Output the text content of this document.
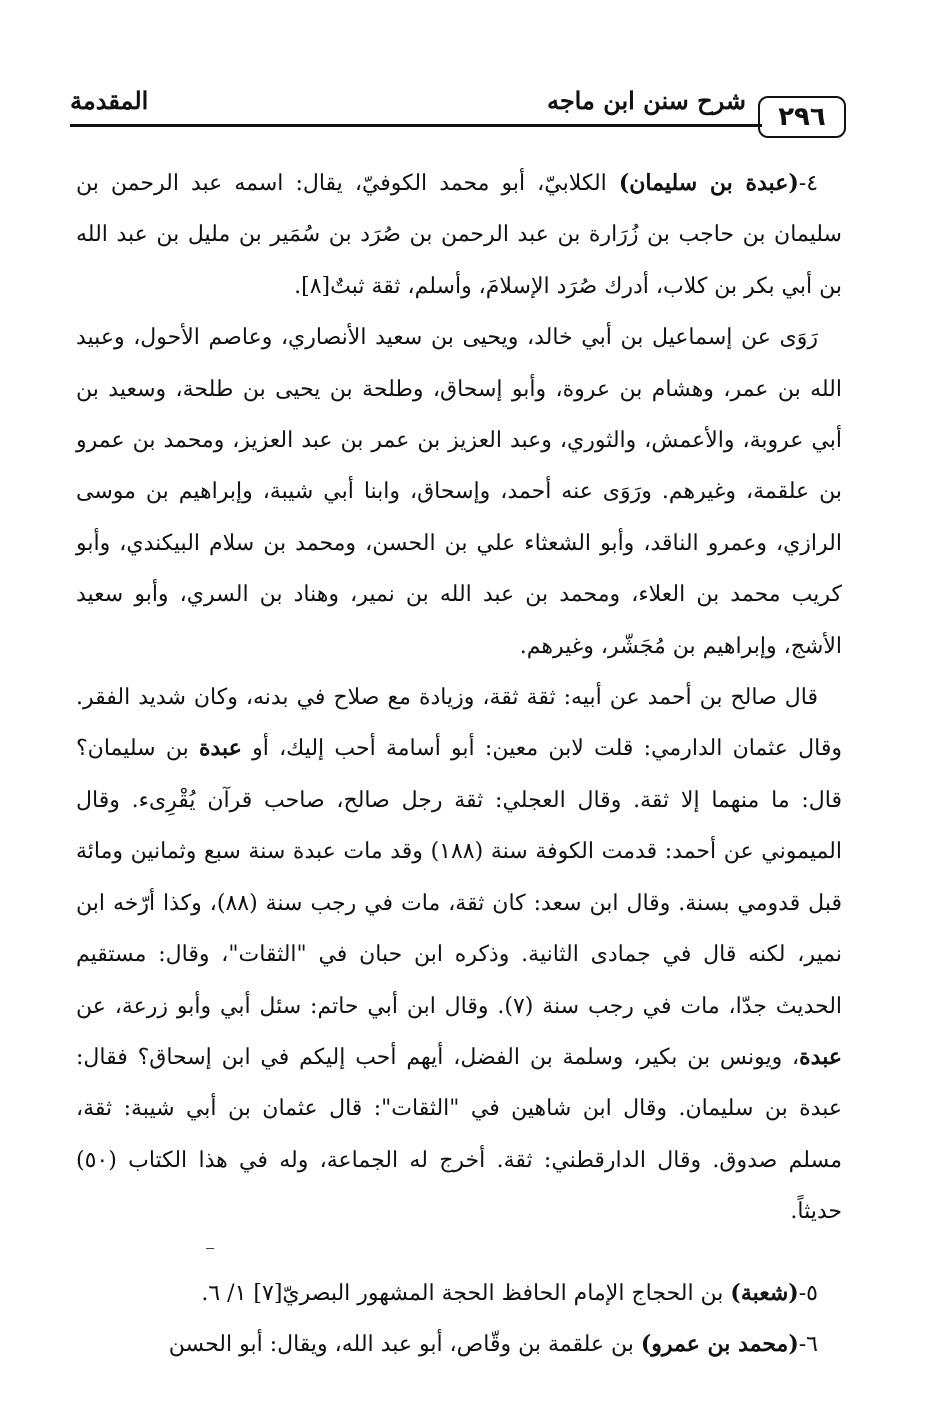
٢٩٦
شرح سنن ابن ماجه
المقدمة

٤-(عبدة بن سليمان) الكلابيّ، أبو محمد الكوفيّ، يقال: اسمه عبد الرحمن بن سليمان بن حاجب بن زُرَارة بن عبد الرحمن بن صُرَد بن سُمَير بن مليل بن عبد الله بن أبي بكر بن كلاب، أدرك صُرَد الإسلامَ، وأسلم، ثقة ثبتٌ[٨].

رَوَى عن إسماعيل بن أبي خالد، ويحيى بن سعيد الأنصاري، وعاصم الأحول، وعبيد الله بن عمر، وهشام بن عروة، وأبو إسحاق، وطلحة بن يحيى بن طلحة، وسعيد بن أبي عروبة، والأعمش، والثوري، وعبد العزيز بن عمر بن عبد العزيز، ومحمد بن عمرو بن علقمة، وغيرهم. ورَوَى عنه أحمد، وإسحاق، وابنا أبي شيبة، وإبراهيم بن موسى الرازي، وعمرو الناقد، وأبو الشعثاء علي بن الحسن، ومحمد بن سلام البيكندي، وأبو كريب محمد بن العلاء، ومحمد بن عبد الله بن نمير، وهناد بن السري، وأبو سعيد الأشج، وإبراهيم بن مُجَشّر، وغيرهم.

قال صالح بن أحمد عن أبيه: ثقة ثقة، وزيادة مع صلاح في بدنه، وكان شديد الفقر. وقال عثمان الدارمي: قلت لابن معين: أبو أسامة أحب إليك، أو عبدة بن سليمان؟ قال: ما منهما إلا ثقة. وقال العجلي: ثقة رجل صالح، صاحب قرآن يُقْرِىء. وقال الميموني عن أحمد: قدمت الكوفة سنة (١٨٨) وقد مات عبدة سنة سبع وثمانين ومائة قبل قدومي بسنة. وقال ابن سعد: كان ثقة، مات في رجب سنة (٨٨)، وكذا أرّخه ابن نمير، لكنه قال في جمادى الثانية. وذكره ابن حبان في "الثقات"، وقال: مستقيم الحديث جدّا، مات في رجب سنة (٧). وقال ابن أبي حاتم: سئل أبي وأبو زرعة، عن عبدة، ويونس بن بكير، وسلمة بن الفضل، أيهم أحب إليكم في ابن إسحاق؟ فقال: عبدة بن سليمان. وقال ابن شاهين في "الثقات": قال عثمان بن أبي شيبة: ثقة، مسلم صدوق. وقال الدارقطني: ثقة. أخرج له الجماعة، وله في هذا الكتاب (٥٠) حديثاً.

٥-(شعبة) بن الحجاج الإمام الحافظ الحجة المشهور البصريّ[٧] ١/ ٦.

٦-(محمد بن عمرو) بن علقمة بن وقّاص، أبو عبد الله، ويقال: أبو الحسن
